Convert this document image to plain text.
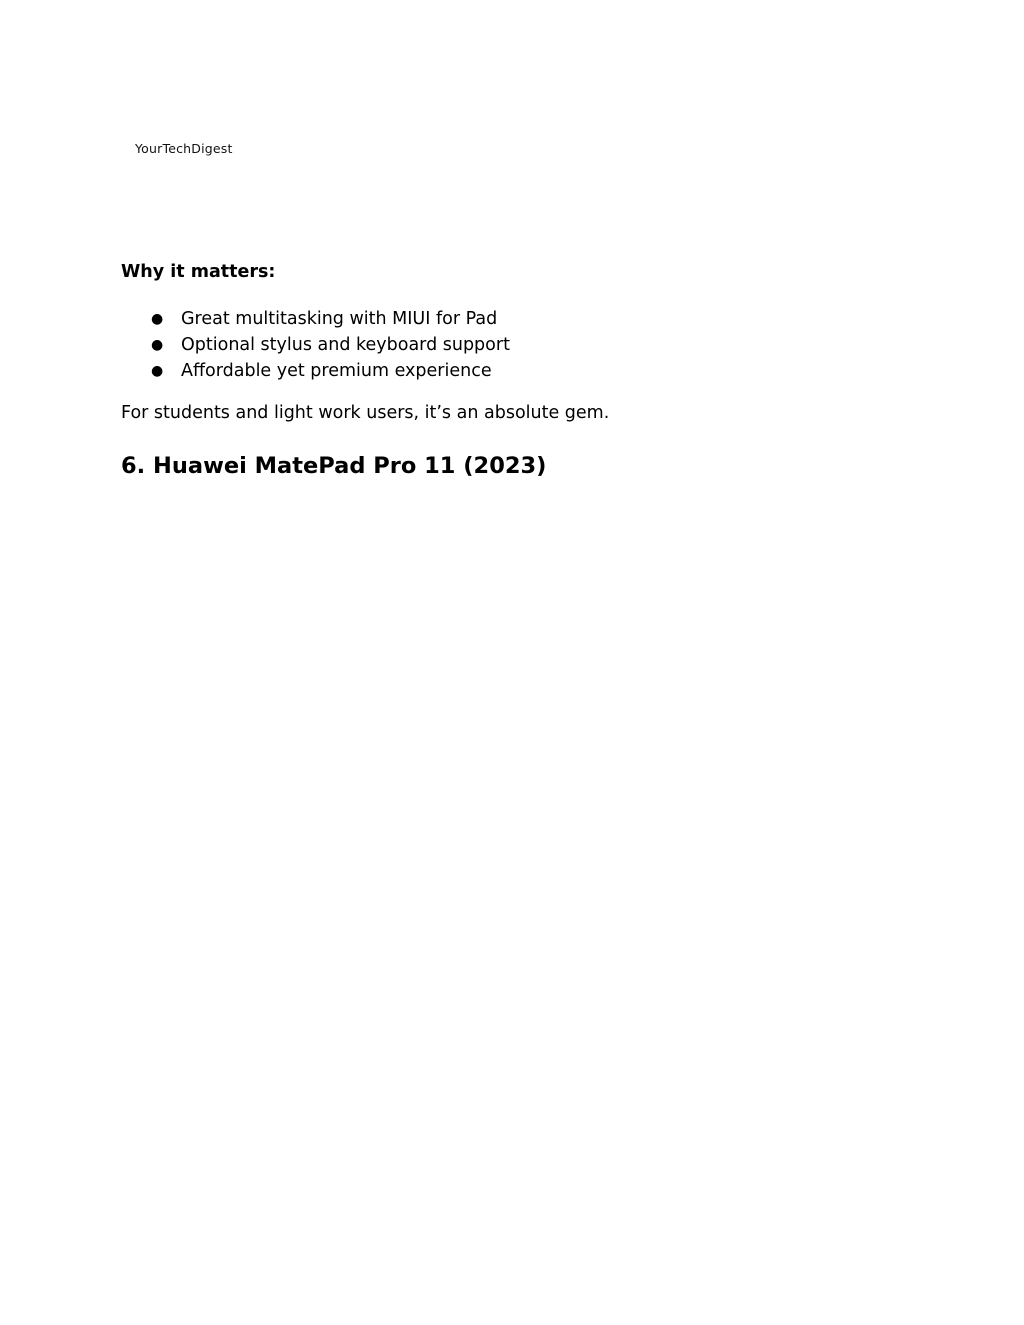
YourTechDigest

Why it matters:

● Great multitasking with MIUI for Pad
● Optional stylus and keyboard support
● Affordable yet premium experience

For students and light work users, it’s an absolute gem.

6. Huawei MatePad Pro 11 (2023)
